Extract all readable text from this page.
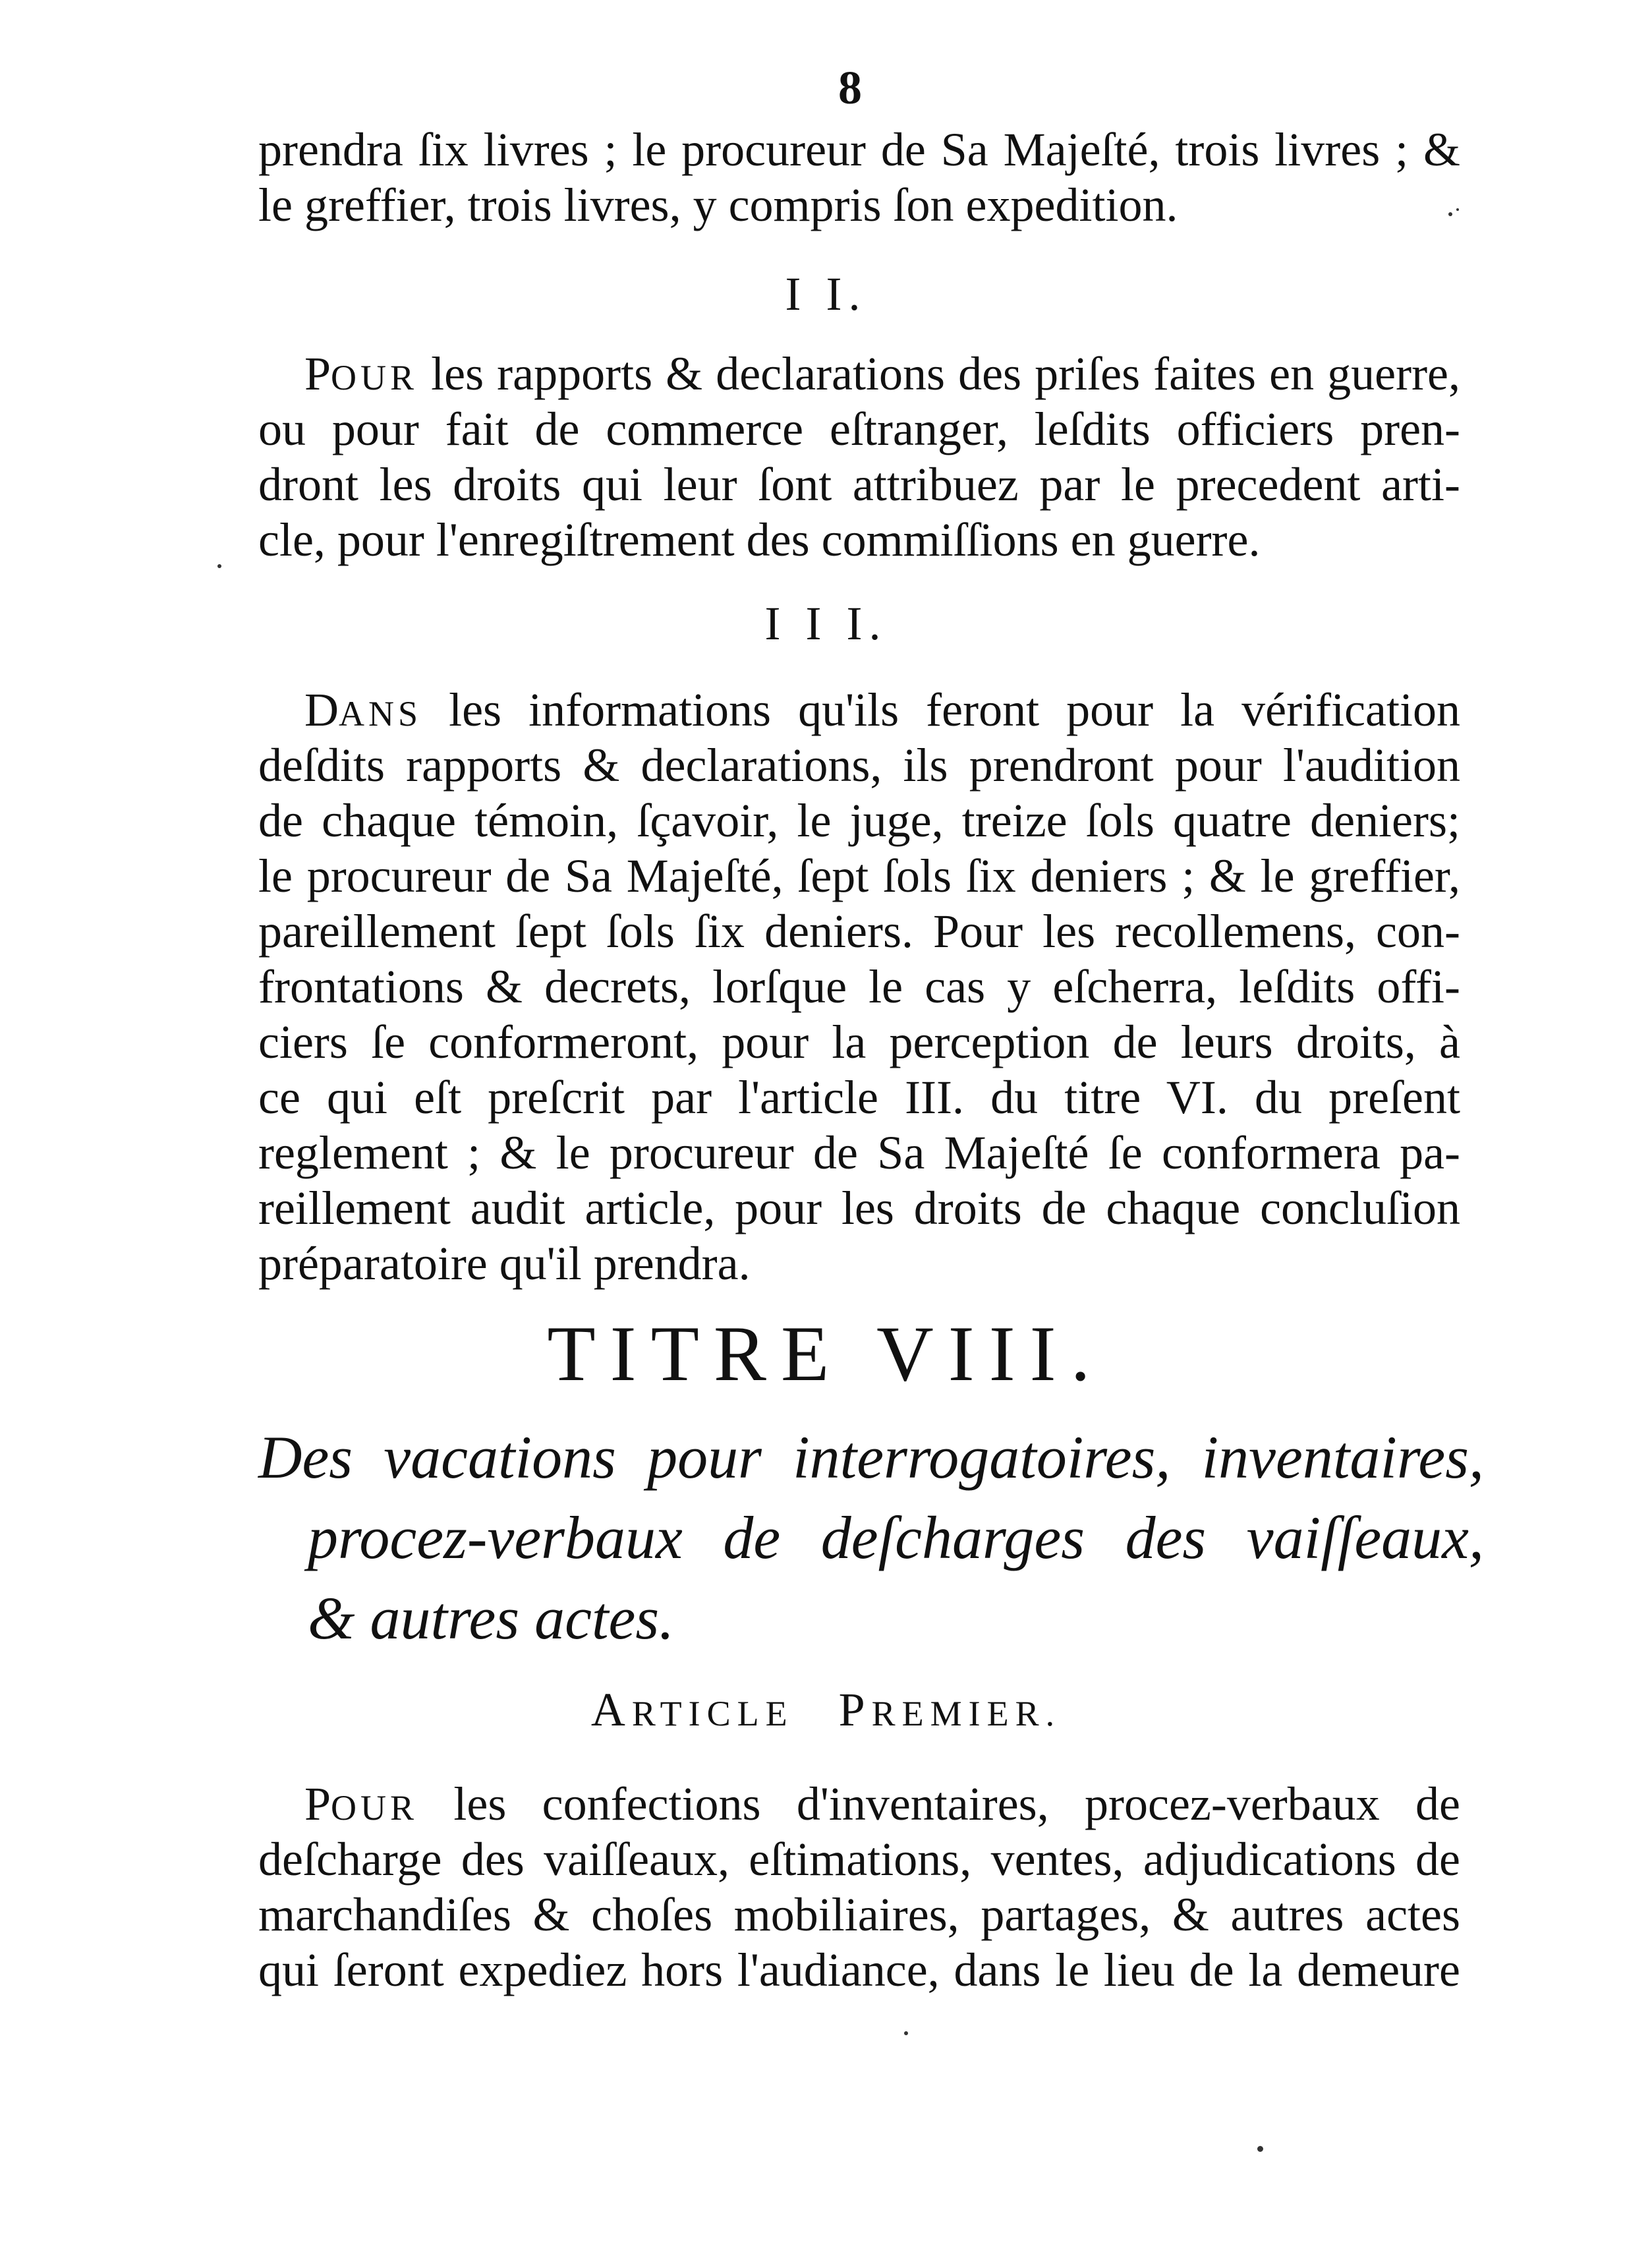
8
prendra ſix livres ; le procureur de Sa Majeſté, trois livres ; &
le greffier, trois livres, y compris ſon expedition.
I I.
POUR les rapports & declarations des priſes faites en guerre,
ou pour fait de commerce eſtranger, leſdits officiers pren-
dront les droits qui leur ſont attribuez par le precedent arti-
cle, pour l'enregiſtrement des commiſſions en guerre.
I I I.
DANS les informations qu'ils feront pour la vérification
deſdits rapports & declarations, ils prendront pour l'audition
de chaque témoin, ſçavoir, le juge, treize ſols quatre deniers;
le procureur de Sa Majeſté, ſept ſols ſix deniers ; & le greffier,
pareillement ſept ſols ſix deniers. Pour les recollemens, con-
frontations & decrets, lorſque le cas y eſcherra, leſdits offi-
ciers ſe conformeront, pour la perception de leurs droits, à
ce qui eſt preſcrit par l'article III. du titre VI. du preſent
reglement ; & le procureur de Sa Majeſté ſe conformera pa-
reillement audit article, pour les droits de chaque concluſion
préparatoire qu'il prendra.
TITRE VIII.
Des vacations pour interrogatoires, inventaires,
procez-verbaux de deſcharges des vaiſſeaux,
& autres actes.
ARTICLE PREMIER.
POUR les confections d'inventaires, procez-verbaux de
deſcharge des vaiſſeaux, eſtimations, ventes, adjudications de
marchandiſes & choſes mobiliaires, partages, & autres actes
qui ſeront expediez hors l'audiance, dans le lieu de la demeure
